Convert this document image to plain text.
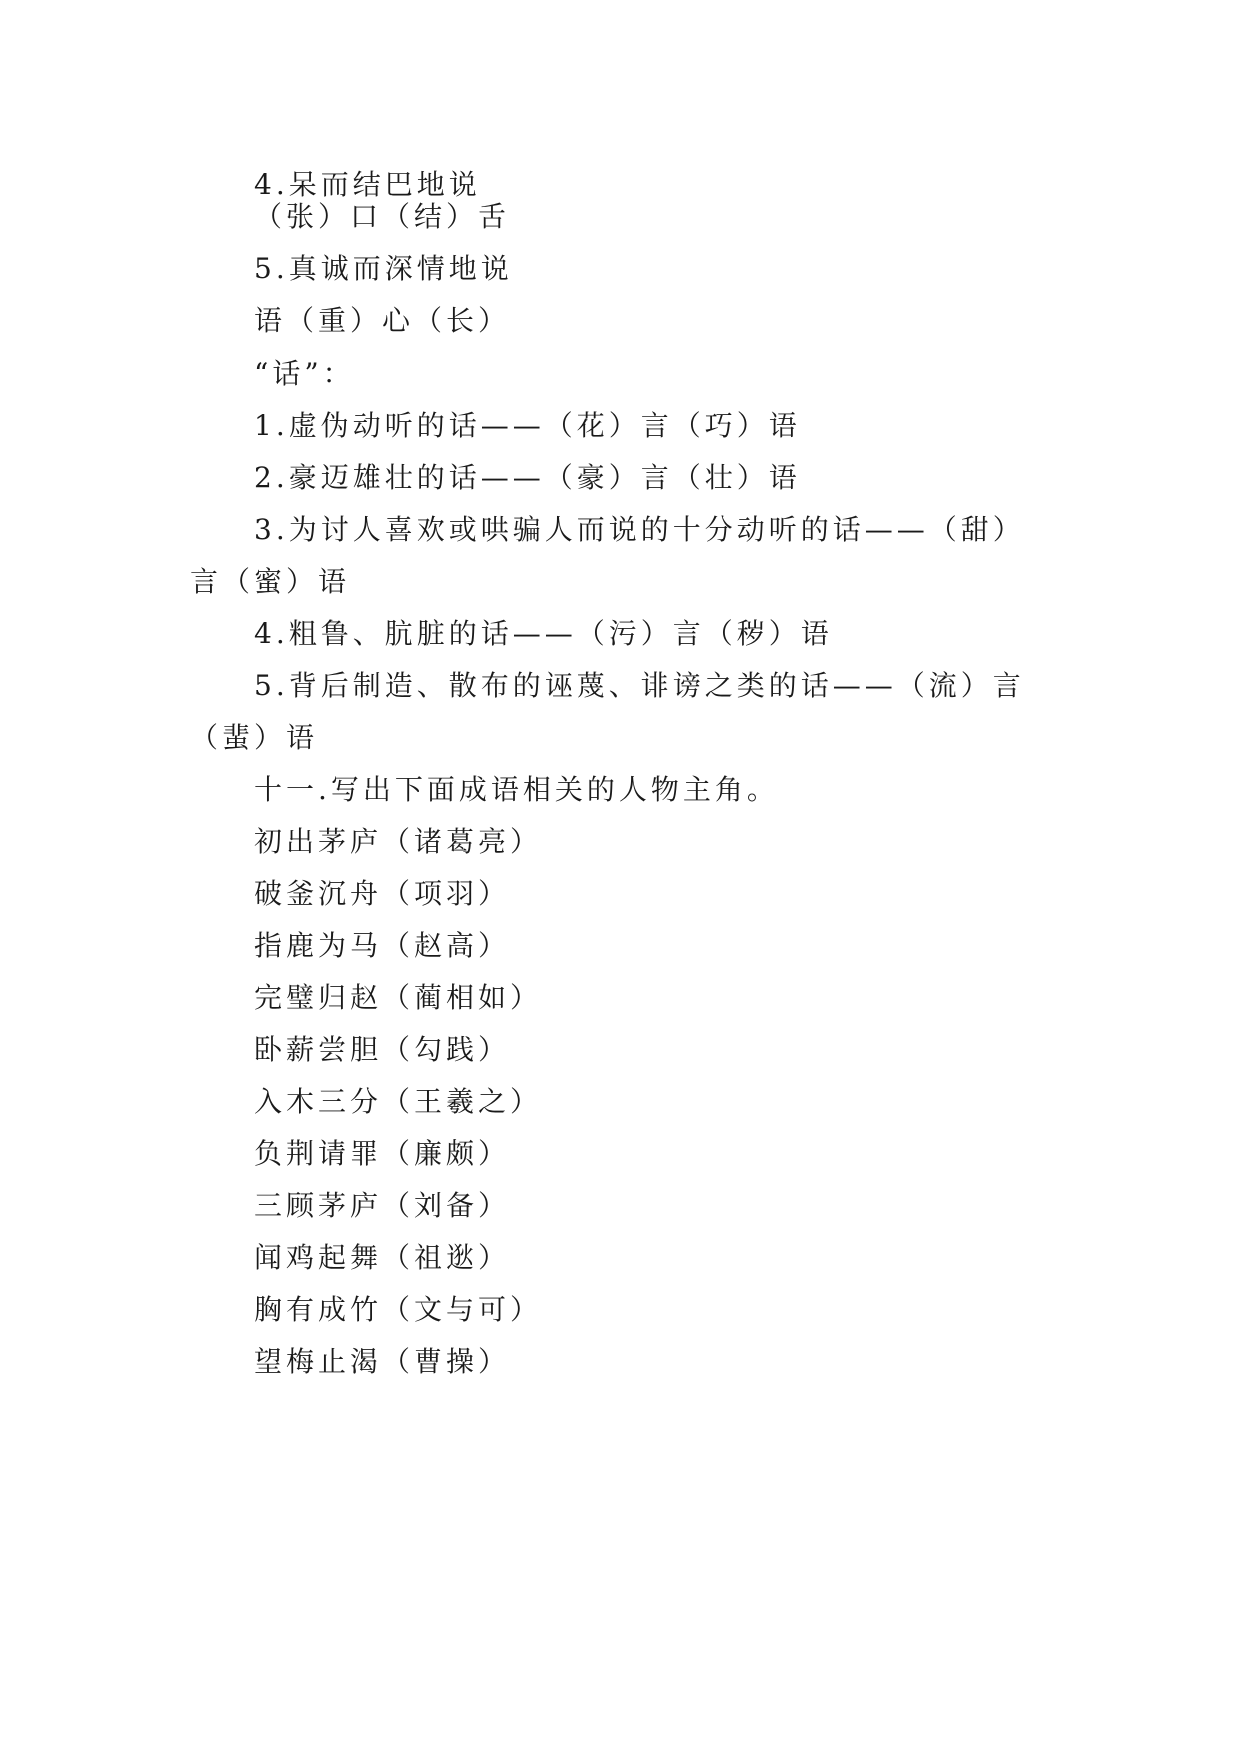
4.呆而结巴地说
（张）口（结）舌
5.真诚而深情地说
语（重）心（长）
“话”：
1.虚伪动听的话——（花）言（巧）语
2.豪迈雄壮的话——（豪）言（壮）语
3.为讨人喜欢或哄骗人而说的十分动听的话——（甜）
言（蜜）语
4.粗鲁、肮脏的话——（污）言（秽）语
5.背后制造、散布的诬蔑、诽谤之类的话——（流）言
（蜚）语
十一.写出下面成语相关的人物主角。
初出茅庐（诸葛亮）
破釜沉舟（项羽）
指鹿为马（赵高）
完璧归赵（蔺相如）
卧薪尝胆（勾践）
入木三分（王羲之）
负荆请罪（廉颇）
三顾茅庐（刘备）
闻鸡起舞（祖逖）
胸有成竹（文与可）
望梅止渴（曹操）
